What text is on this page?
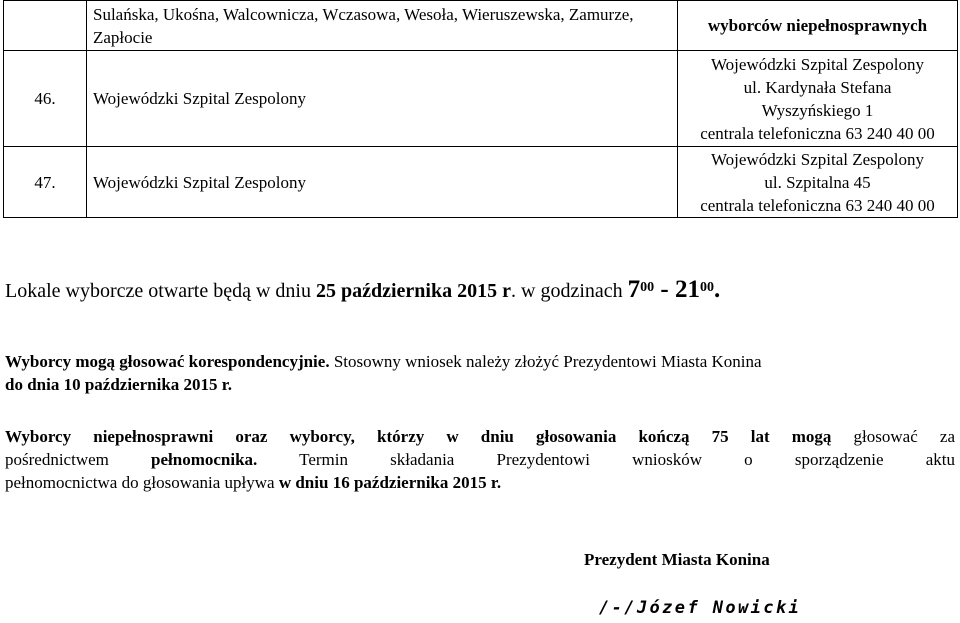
	Sulańska, Ukośna, Walcownicza, Wczasowa, Wesoła, Wieruszewska, Zamurze, Zapłocie	wyborców niepełnosprawnych

46.	Wojewódzki Szpital Zespolony	Wojewódzki Szpital Zespolony
ul. Kardynała Stefana
Wyszyńskiego 1
centrala telefoniczna 63 240 40 00

47.	Wojewódzki Szpital Zespolony	Wojewódzki Szpital Zespolony
ul. Szpitalna 45
centrala telefoniczna 63 240 40 00
Lokale wyborcze otwarte będą w dniu 25 października 2015 r. w godzinach $7^{00} - 21^{00}$.
Wyborcy mogą głosować korespondencyjnie. Stosowny wniosek należy złożyć Prezydentowi Miasta Konina
do dnia 10 października 2015 r.
Wyborcy niepełnosprawni oraz wyborcy, którzy w dniu głosowania kończą 75 lat mogą głosować za
pośrednictwem pełnomocnika. Termin składania Prezydentowi wniosków o sporządzenie aktu
pełnomocnictwa do głosowania upływa w dniu 16 października 2015 r.
Prezydent Miasta Konina
/-/Józef Nowicki
